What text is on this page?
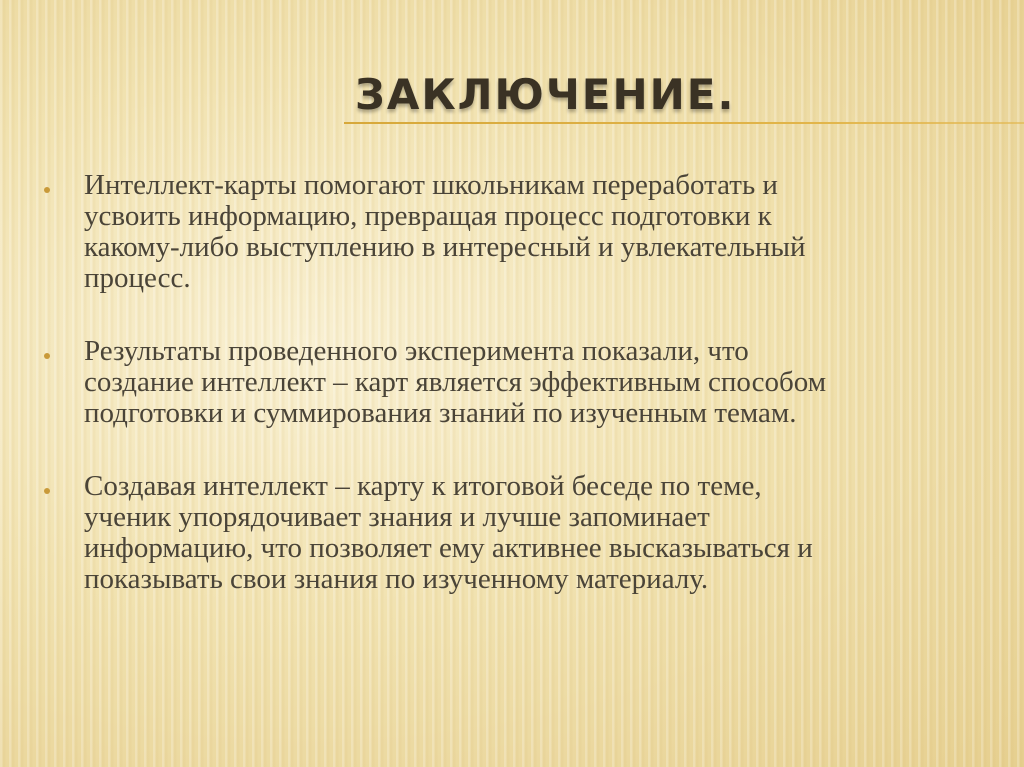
ЗАКЛЮЧЕНИЕ.
Интеллект-карты помогают школьникам переработать и
усвоить информацию, превращая процесс подготовки к
какому-либо выступлению в интересный и увлекательный
процесс.
Результаты проведенного эксперимента показали, что
создание интеллект – карт является эффективным способом
подготовки и суммирования знаний по изученным темам.
Создавая интеллект – карту к итоговой беседе по теме,
ученик упорядочивает знания и лучше запоминает
информацию, что позволяет ему активнее высказываться и
показывать свои знания по изученному материалу.
